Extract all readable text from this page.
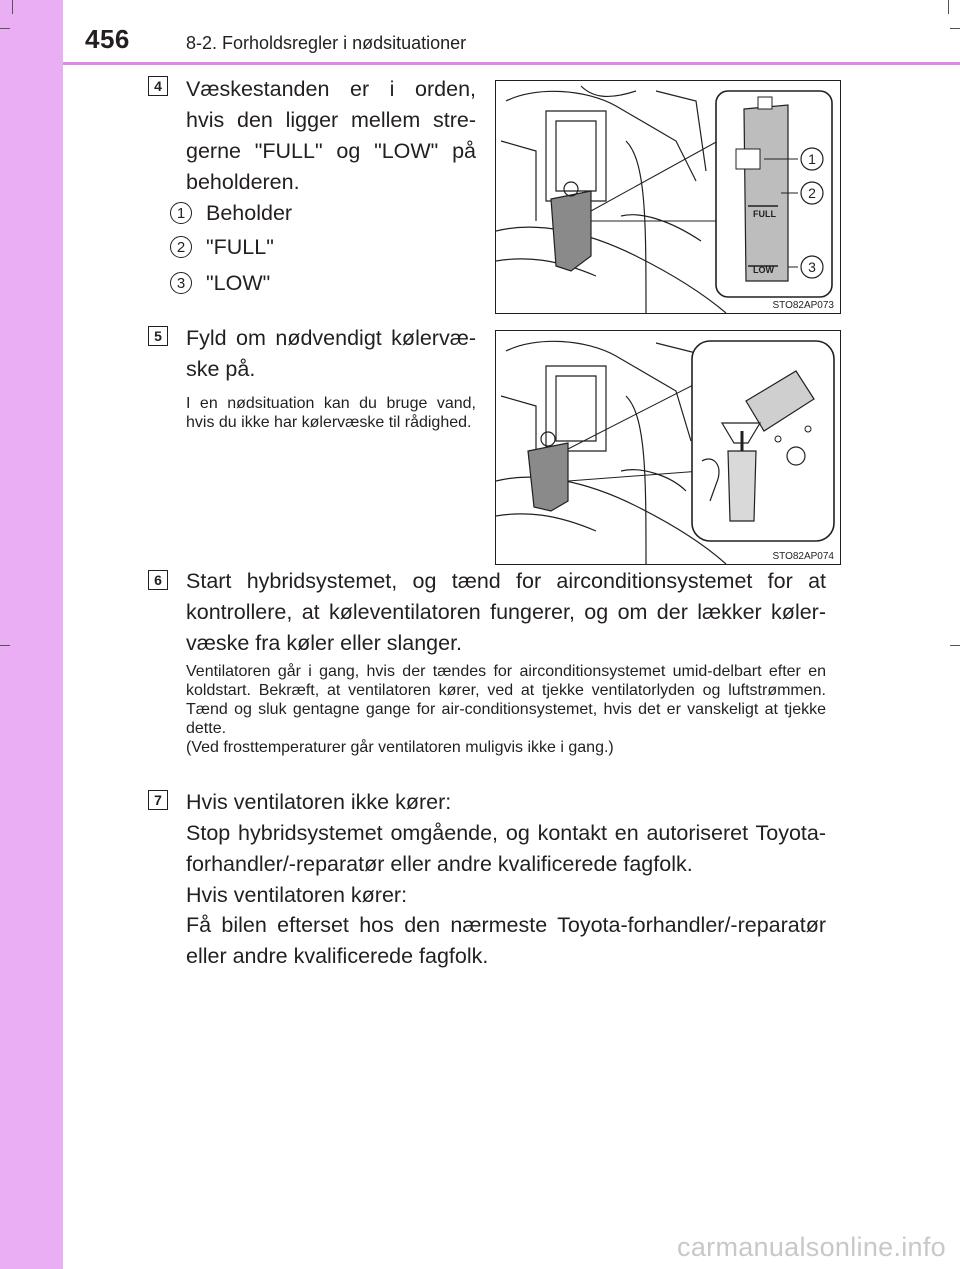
456	8-2. Forholdsregler i nødsituationer
4 Væskestanden er i orden, hvis den ligger mellem stre-gerne "FULL" og "LOW" på beholderen.
1 Beholder
2 "FULL"
3 "LOW"
FULL
LOW
1
2
3
STO82AP073
5 Fyld om nødvendigt kølervæ-ske på.
I en nødsituation kan du bruge vand, hvis du ikke har kølervæske til rådighed.
STO82AP074
6 Start hybridsystemet, og tænd for airconditionsystemet for at kontrollere, at køleventilatoren fungerer, og om der lækker køler-væske fra køler eller slanger.
Ventilatoren går i gang, hvis der tændes for airconditionsystemet umid-delbart efter en koldstart. Bekræft, at ventilatoren kører, ved at tjekke ventilatorlyden og luftstrømmen. Tænd og sluk gentagne gange for air-conditionsystemet, hvis det er vanskeligt at tjekke dette.
(Ved frosttemperaturer går ventilatoren muligvis ikke i gang.)
7 Hvis ventilatoren ikke kører:
Stop hybridsystemet omgående, og kontakt en autoriseret Toyota-forhandler/-reparatør eller andre kvalificerede fagfolk.
Hvis ventilatoren kører:
Få bilen efterset hos den nærmeste Toyota-forhandler/-reparatør eller andre kvalificerede fagfolk.
carmanualsonline.info
